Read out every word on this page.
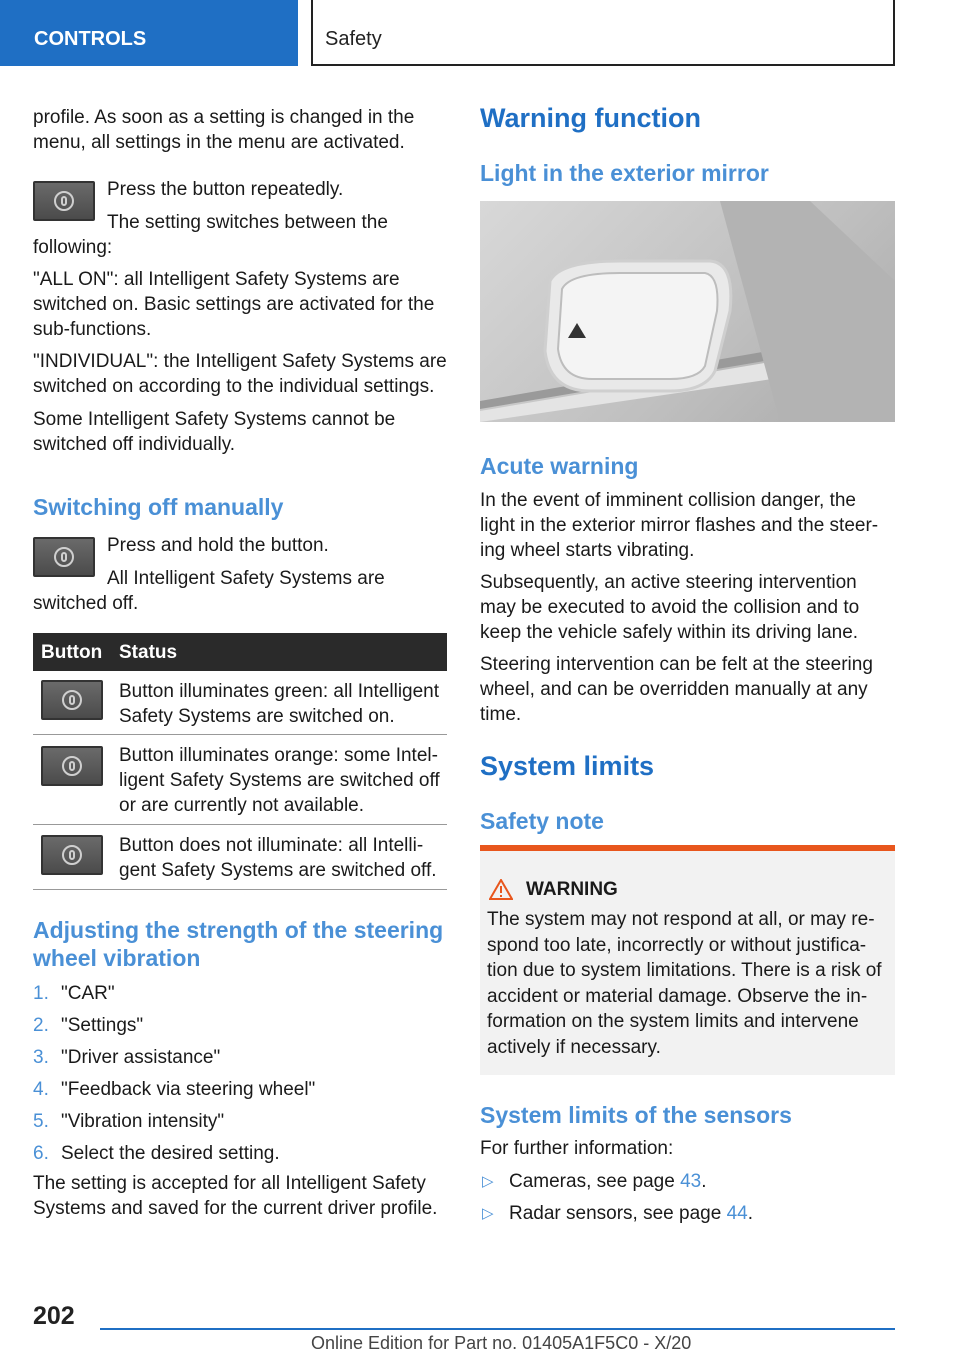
CONTROLS	Safety

profile. As soon as a setting is changed in the menu, all settings in the menu are activated.

Press the button repeatedly.

The setting switches between the

following:

"ALL ON": all Intelligent Safety Systems are switched on. Basic settings are activated for the sub-functions.

"INDIVIDUAL": the Intelligent Safety Systems are switched on according to the individual settings.

Some Intelligent Safety Systems cannot be switched off individually.

Switching off manually

Press and hold the button.

All Intelligent Safety Systems are

switched off.

Button Status
Button illuminates green: all Intelligent Safety Systems are switched on.
Button illuminates orange: some Intel-ligent Safety Systems are switched off or are currently not available.
Button does not illuminate: all Intelli-gent Safety Systems are switched off.
Adjusting the strength of the steering wheel vibration
1. "CAR"
2. "Settings"
3. "Driver assistance"
4. "Feedback via steering wheel"
5. "Vibration intensity"
6. Select the desired setting.

The setting is accepted for all Intelligent Safety Systems and saved for the current driver profile.

Warning function
Light in the exterior mirror
Acute warning

In the event of imminent collision danger, the light in the exterior mirror flashes and the steer-ing wheel starts vibrating.

Subsequently, an active steering intervention may be executed to avoid the collision and to keep the vehicle safely within its driving lane.

Steering intervention can be felt at the steering wheel, and can be overridden manually at any time.

System limits
Safety note
WARNING
The system may not respond at all, or may re-spond too late, incorrectly or without justifica-tion due to system limitations. There is a risk of accident or material damage. Observe the in-formation on the system limits and intervene actively if necessary.
System limits of the sensors

For further information:

▷ Cameras, see page 43.
▷ Radar sensors, see page 44.
202
Online Edition for Part no. 01405A1F5C0 - X/20
